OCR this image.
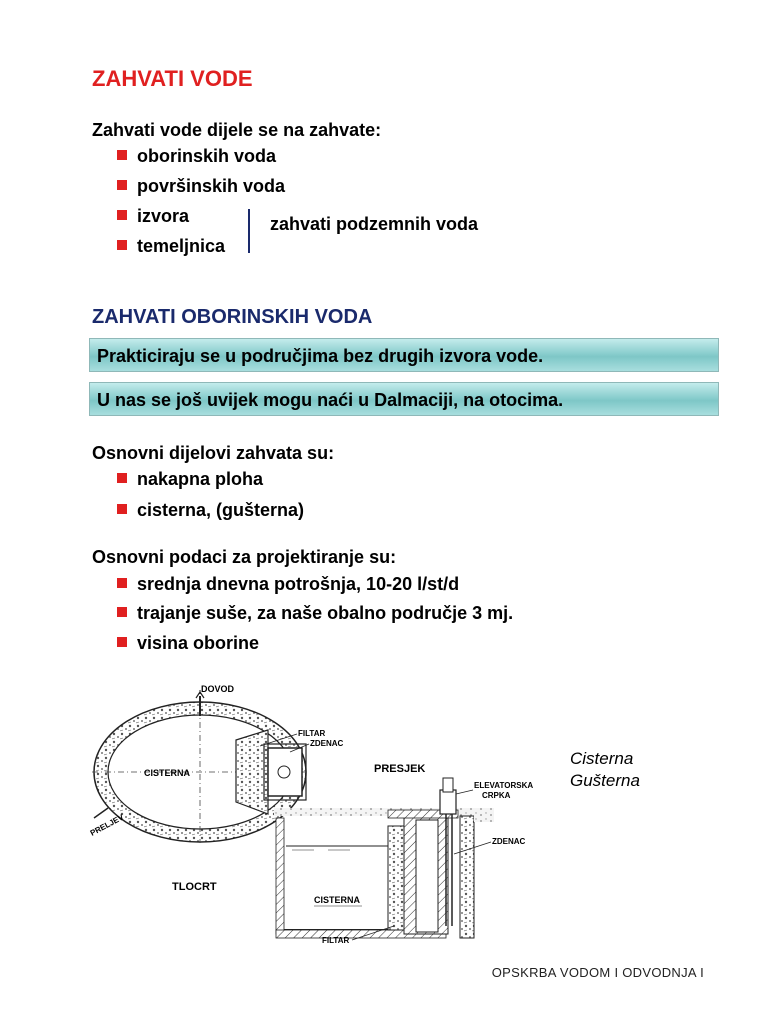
ZAHVATI VODE
Zahvati vode dijele se na zahvate:
oborinskih voda
površinskih voda
izvora
temeljnica
zahvati podzemnih voda
ZAHVATI OBORINSKIH VODA
Prakticiraju se u područjima bez drugih izvora vode.
U nas se još uvijek mogu naći u Dalmaciji, na otocima.
Osnovni dijelovi zahvata su:
nakapna ploha
cisterna, (gušterna)
Osnovni podaci za projektiranje su:
srednja dnevna potrošnja, 10-20 l/st/d
trajanje suše, za naše obalno područje 3 mj.
visina oborine
DOVOD
FILTAR
ZDENAC
CISTERNA
PRELJEV
TLOCRT
PRESJEK
ELEVATORSKA
CRPKA
ZDENAC
CISTERNA
FILTAR
Cisterna
Gušterna
OPSKRBA VODOM I ODVODNJA I
